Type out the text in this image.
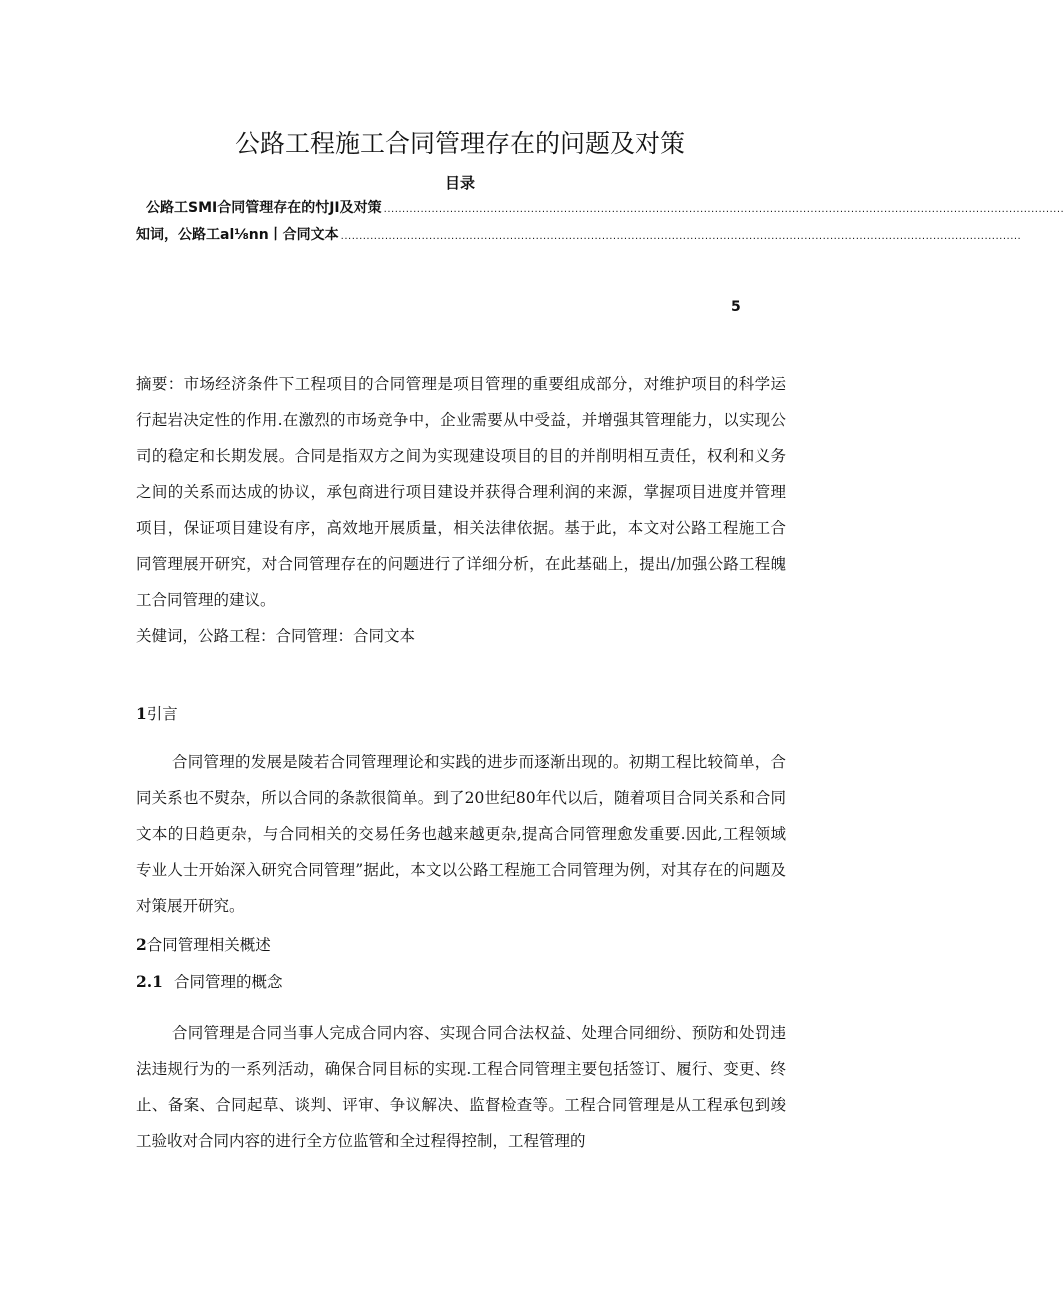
公路工程施工合同管理存在的问题及对策
目录
公路工SMI合同管理存在的忖JI及对策 .........................................................................................................................................................................................
知词，公路工al⅛nn丨合同文本 .........................................................................................................................................................................................
5

摘要：市场经济条件下工程项目的合同管理是项目管理的重要组成部分，对维护项目的科学运行起岩决定性的作用.在激烈的市场竞争中，企业需要从中受益，并增强其管理能力，以实现公司的稳定和长期发展。合同是指双方之间为实现建设项目的目的并削明相互责任，权利和义务之间的关系而达成的协议，承包商进行项目建设并获得合理利润的来源，掌握项目进度并管理项目，保证项目建设有序，高效地开展质量，相关法律依据。基于此，本文对公路工程施工合同管理展开研究，对合同管理存在的问题进行了详细分析，在此基础上，提出/加强公路工程魄工合同管理的建议。

关健词，公路工程：合同管理：合同文本

1引言

合同管理的发展是陵若合同管理理论和实践的进步而逐渐出现的。初期工程比较简单，合同关系也不熨杂，所以合同的条款很简单。到了20世纪80年代以后，随着项目合同关系和合同文本的日趋更杂，与合同相关的交易任务也越来越更杂,提高合同管理愈发重要.因此,工程领域专业人士开始深入研究合同管理”据此，本文以公路工程施工合同管理为例，对其存在的问题及对策展开研究。

2合同管理相关概述
2.1 合同管理的概念

合同管理是合同当事人完成合同内容、实现合同合法权益、处理合同细纷、预防和处罚违法违规行为的一系列活动，确保合同目标的实现.工程合同管理主要包括签订、履行、变更、终止、备案、合同起草、谈判、评审、争议解决、监督检查等。工程合同管理是从工程承包到竣工验收对合同内容的进行全方位监管和全过程得控制，工程管理的
